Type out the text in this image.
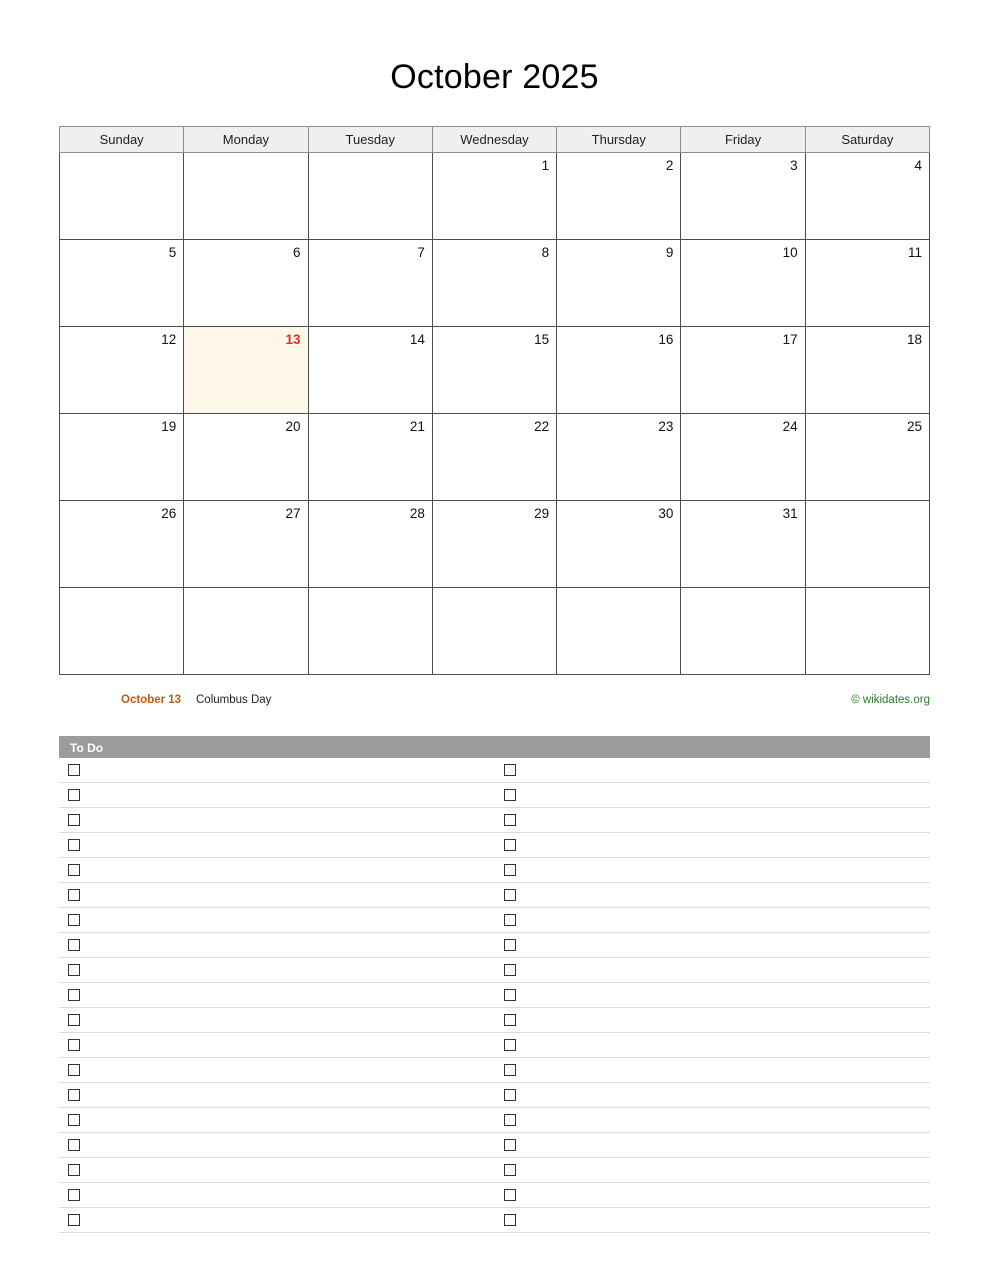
October 2025
Sunday	Monday	Tuesday	Wednesday	Thursday	Friday	Saturday
			1	2	3	4
5	6	7	8	9	10	11
12	13	14	15	16	17	18
19	20	21	22	23	24	25
26	27	28	29	30	31	

October 13 Columbus Day	© wikidates.org
To Do
